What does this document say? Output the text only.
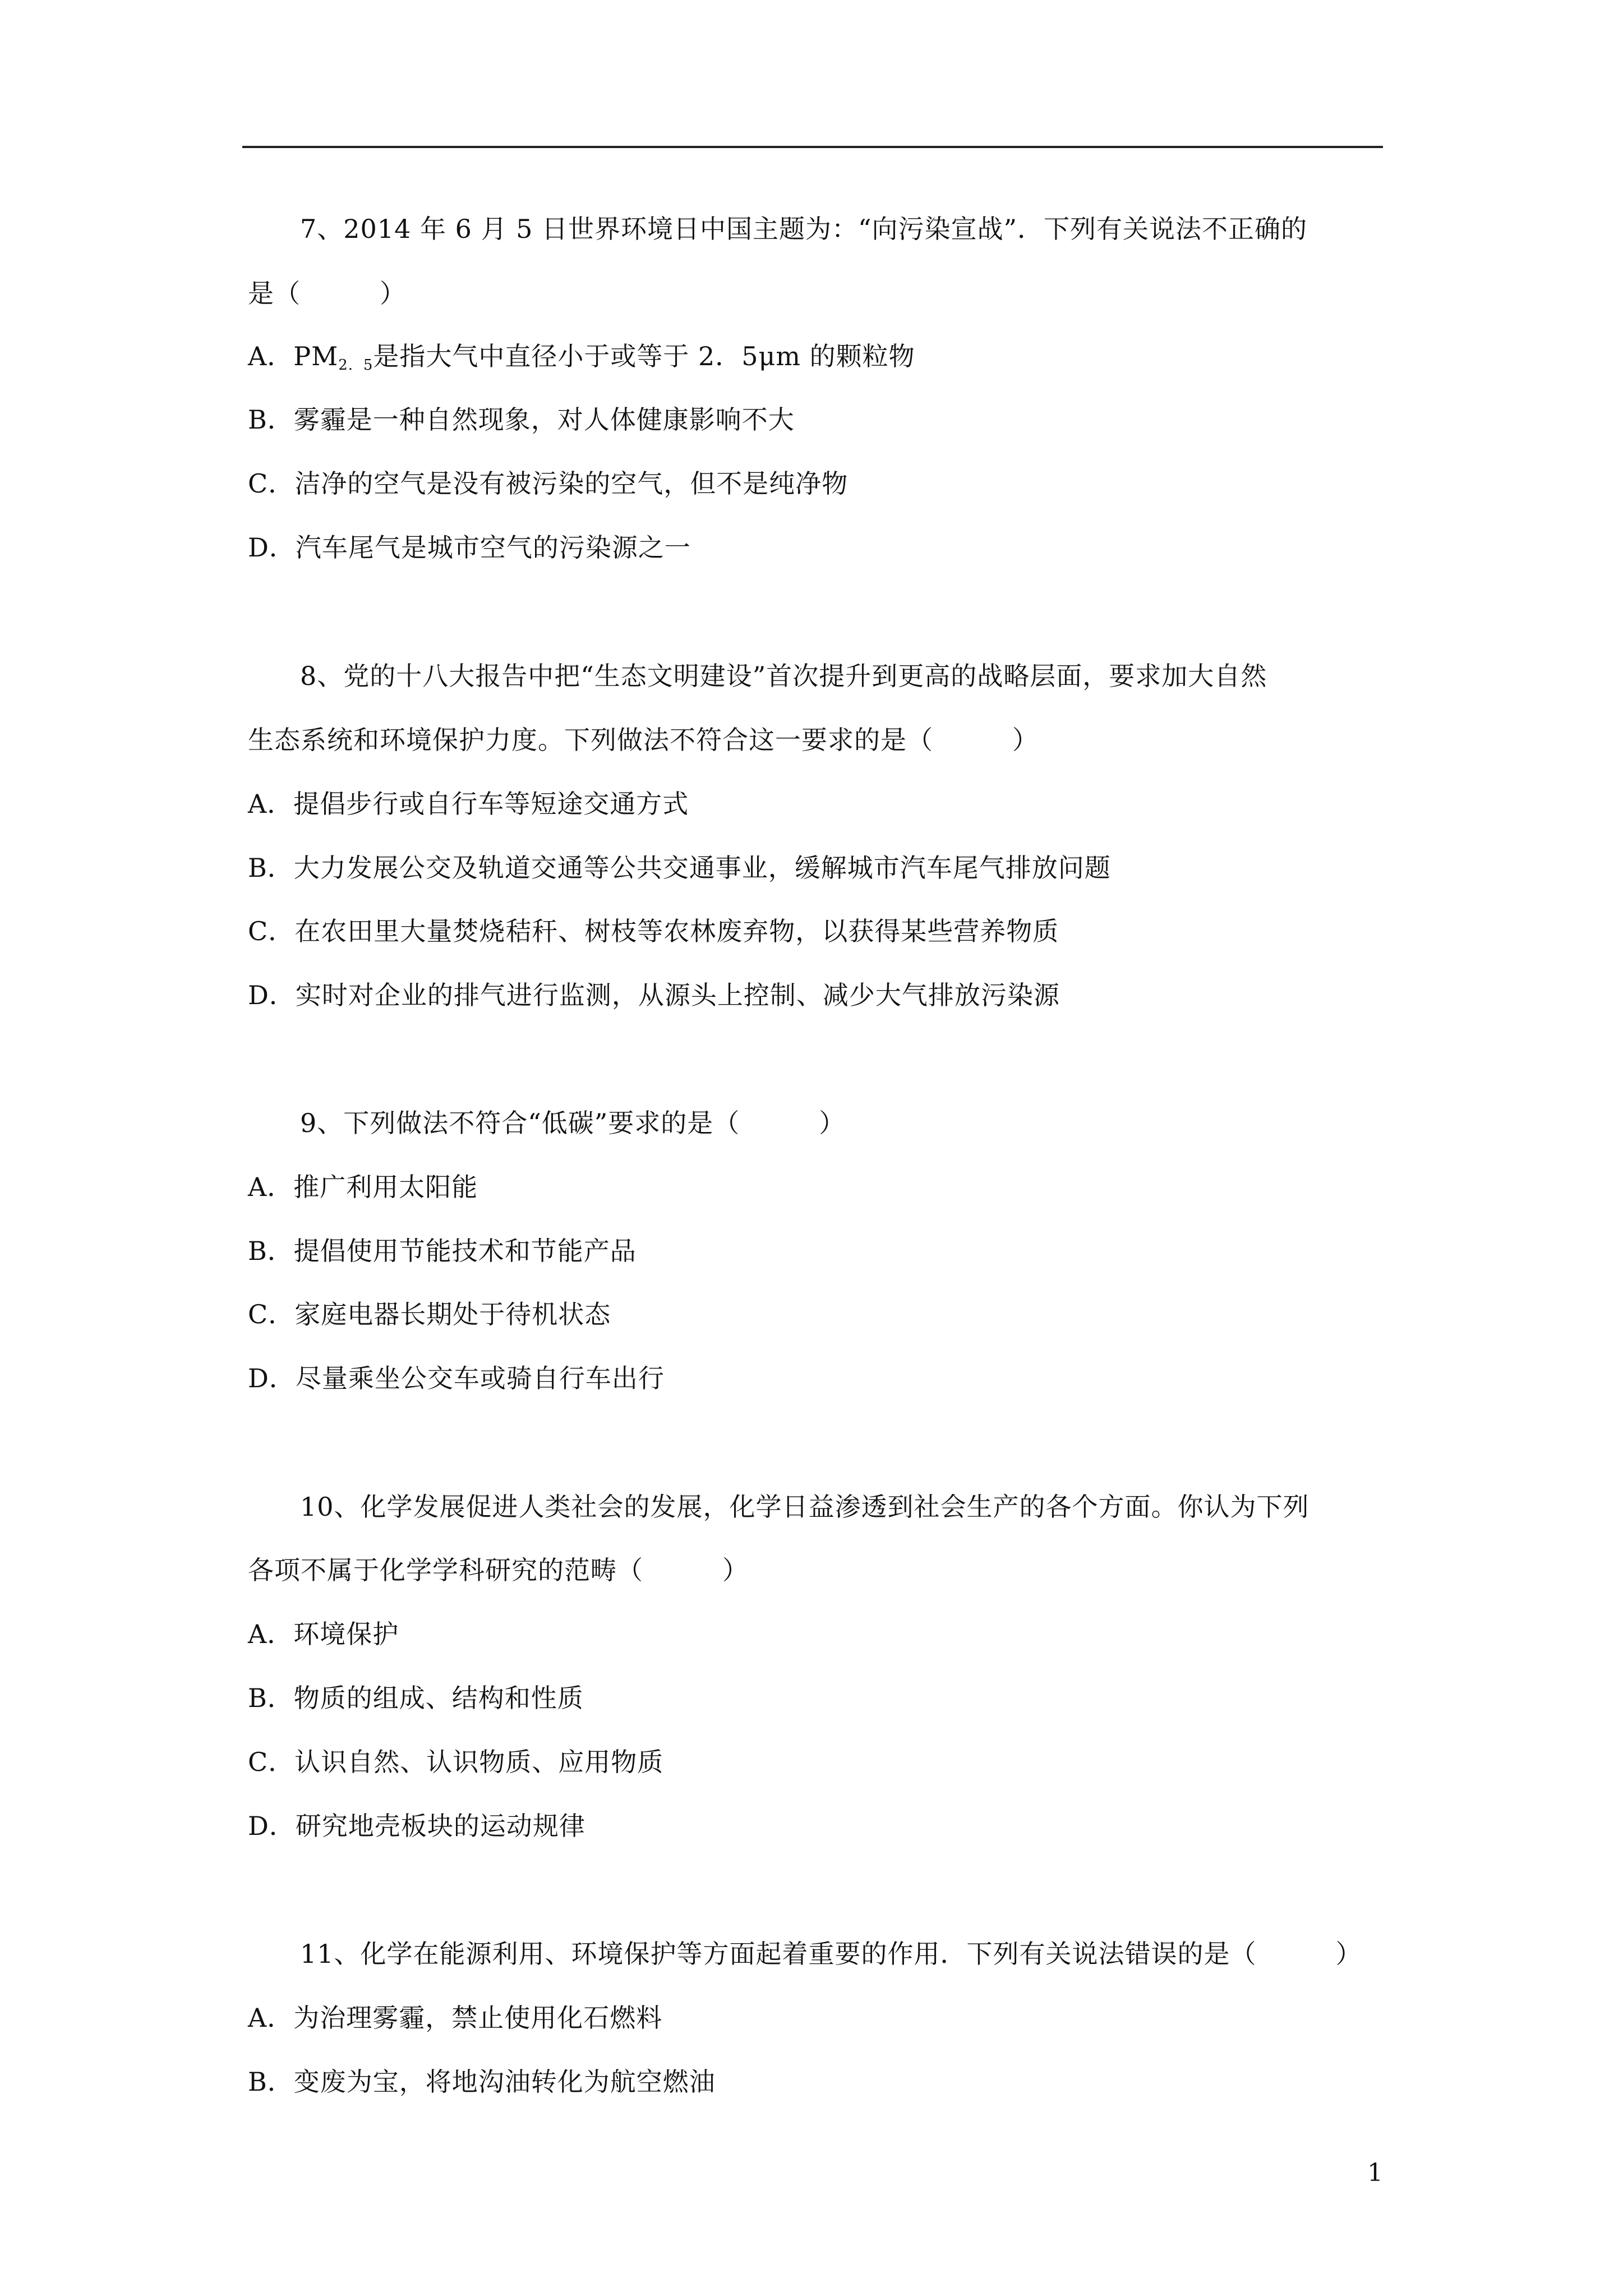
7、2014 年 6 月 5 日世界环境日中国主题为：“向污染宣战”．下列有关说法不正确的
是（　　　）
A．$PM_{2.5}$是指大气中直径小于或等于 2．5μm 的颗粒物
B．雾霾是一种自然现象，对人体健康影响不大
C．洁净的空气是没有被污染的空气，但不是纯净物
D．汽车尾气是城市空气的污染源之一
8、党的十八大报告中把“生态文明建设”首次提升到更高的战略层面，要求加大自然
生态系统和环境保护力度。下列做法不符合这一要求的是（　　　）
A．提倡步行或自行车等短途交通方式
B．大力发展公交及轨道交通等公共交通事业，缓解城市汽车尾气排放问题
C．在农田里大量焚烧秸秆、树枝等农林废弃物，以获得某些营养物质
D．实时对企业的排气进行监测，从源头上控制、减少大气排放污染源
9、下列做法不符合“低碳”要求的是（　　　）
A．推广利用太阳能
B．提倡使用节能技术和节能产品
C．家庭电器长期处于待机状态
D．尽量乘坐公交车或骑自行车出行
10、化学发展促进人类社会的发展，化学日益渗透到社会生产的各个方面。你认为下列
各项不属于化学学科研究的范畴（　　　）
A．环境保护
B．物质的组成、结构和性质
C．认识自然、认识物质、应用物质
D．研究地壳板块的运动规律
11、化学在能源利用、环境保护等方面起着重要的作用．下列有关说法错误的是（　　　）
A．为治理雾霾，禁止使用化石燃料
B．变废为宝，将地沟油转化为航空燃油
1
